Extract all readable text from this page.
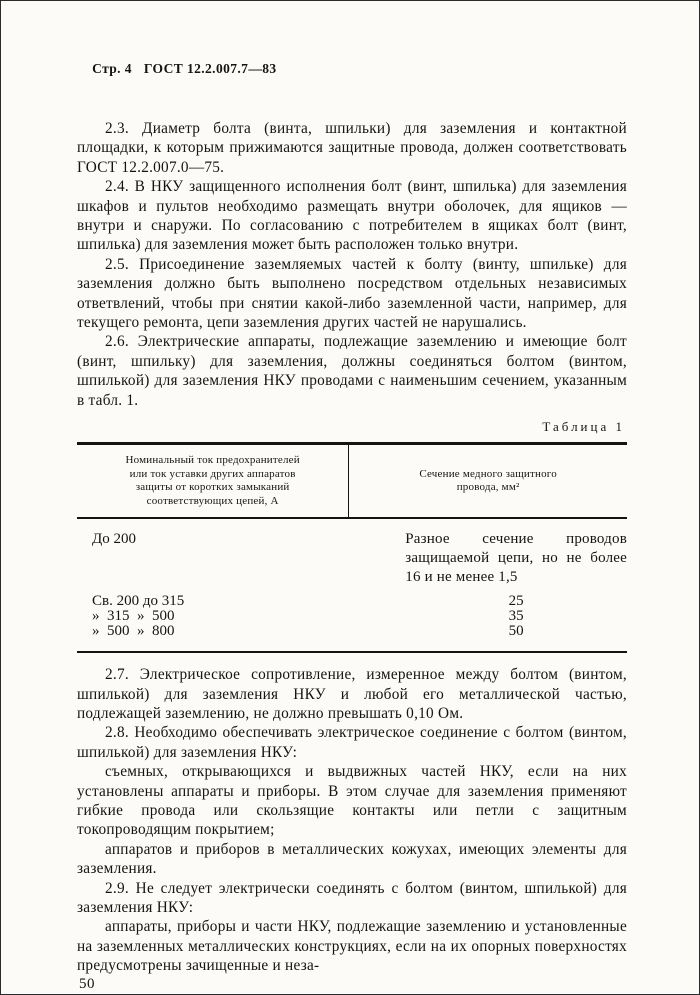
Стр. 4 ГОСТ 12.2.007.7—83

2.3. Диаметр болта (винта, шпильки) для заземления и контактной площадки, к которым прижимаются защитные провода, должен соответствовать ГОСТ 12.2.007.0—75.

2.4. В НКУ защищенного исполнения болт (винт, шпилька) для заземления шкафов и пультов необходимо размещать внутри оболочек, для ящиков — внутри и снаружи. По согласованию с потребителем в ящиках болт (винт, шпилька) для заземления может быть расположен только внутри.

2.5. Присоединение заземляемых частей к болту (винту, шпильке) для заземления должно быть выполнено посредством отдельных независимых ответвлений, чтобы при снятии какой-либо заземленной части, например, для текущего ремонта, цепи заземления других частей не нарушались.

2.6. Электрические аппараты, подлежащие заземлению и имеющие болт (винт, шпильку) для заземления, должны соединяться болтом (винтом, шпилькой) для заземления НКУ проводами с наименьшим сечением, указанным в табл. 1.

Таблица 1
Номинальный ток предохранителей или ток уставки других аппаратов защиты от коротких замыканий соответствующих цепей, А
Сечение медного защитного провода, мм²
До 200	Разное сечение проводов защищаемой цепи, но не более 16 и не менее 1,5
Св. 200 до 315	25
»  315  »  500	35
»  500  »  800	50

2.7. Электрическое сопротивление, измеренное между болтом (винтом, шпилькой) для заземления НКУ и любой его металлической частью, подлежащей заземлению, не должно превышать 0,10 Ом.

2.8. Необходимо обеспечивать электрическое соединение с болтом (винтом, шпилькой) для заземления НКУ:

съемных, открывающихся и выдвижных частей НКУ, если на них установлены аппараты и приборы. В этом случае для заземления применяют гибкие провода или скользящие контакты или петли с защитным токопроводящим покрытием;

аппаратов и приборов в металлических кожухах, имеющих элементы для заземления.

2.9. Не следует электрически соединять с болтом (винтом, шпилькой) для заземления НКУ:

аппараты, приборы и части НКУ, подлежащие заземлению и установленные на заземленных металлических конструкциях, если на их опорных поверхностях предусмотрены зачищенные и неза-

50
